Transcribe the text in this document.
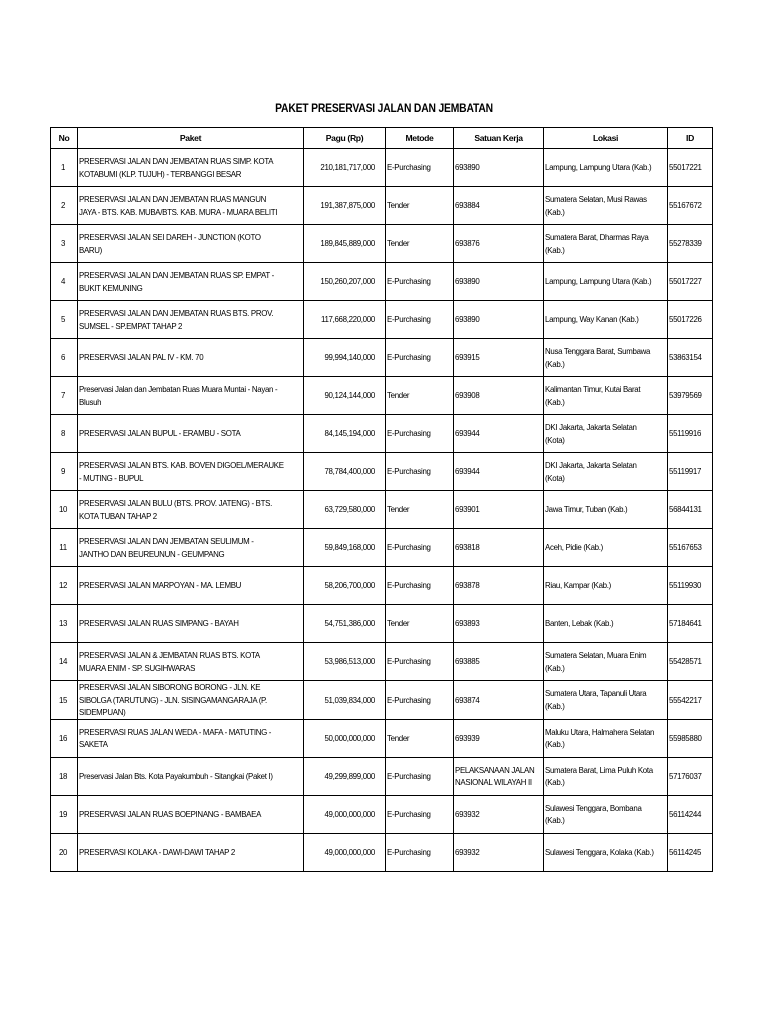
PAKET PRESERVASI JALAN DAN JEMBATAN
No	Paket	Pagu (Rp)	Metode	Satuan Kerja	Lokasi	ID

1	PRESERVASI JALAN DAN JEMBATAN RUAS SIMP. KOTA KOTABUMI (KLP. TUJUH) - TERBANGGI BESAR	210,181,717,000	E-Purchasing	693890	Lampung, Lampung Utara (Kab.)	55017221

2	PRESERVASI JALAN DAN JEMBATAN RUAS MANGUN JAYA - BTS. KAB. MUBA/BTS. KAB. MURA - MUARA BELITI	191,387,875,000	Tender	693884	Sumatera Selatan, Musi Rawas (Kab.)	55167672

3	PRESERVASI JALAN SEI DAREH - JUNCTION (KOTO BARU)	189,845,889,000	Tender	693876	Sumatera Barat, Dharmas Raya (Kab.)	55278339

4	PRESERVASI JALAN DAN JEMBATAN RUAS SP. EMPAT - BUKIT KEMUNING	150,260,207,000	E-Purchasing	693890	Lampung, Lampung Utara (Kab.)	55017227

5	PRESERVASI JALAN DAN JEMBATAN RUAS BTS. PROV. SUMSEL - SP.EMPAT TAHAP 2	117,668,220,000	E-Purchasing	693890	Lampung, Way Kanan (Kab.)	55017226

6	PRESERVASI JALAN PAL IV - KM. 70	99,994,140,000	E-Purchasing	693915	Nusa Tenggara Barat, Sumbawa (Kab.)	53863154

7	Preservasi Jalan dan Jembatan Ruas Muara Muntai - Nayan - Blusuh	90,124,144,000	Tender	693908	Kalimantan Timur, Kutai Barat (Kab.)	53979569

8	PRESERVASI JALAN BUPUL - ERAMBU - SOTA	84,145,194,000	E-Purchasing	693944	DKI Jakarta, Jakarta Selatan (Kota)	55119916

9	PRESERVASI JALAN BTS. KAB. BOVEN DIGOEL/MERAUKE - MUTING - BUPUL	78,784,400,000	E-Purchasing	693944	DKI Jakarta, Jakarta Selatan (Kota)	55119917

10	PRESERVASI JALAN BULU (BTS. PROV. JATENG) - BTS. KOTA TUBAN TAHAP 2	63,729,580,000	Tender	693901	Jawa Timur, Tuban (Kab.)	56844131

11	PRESERVASI JALAN DAN JEMBATAN SEULIMUM - JANTHO DAN BEUREUNUN - GEUMPANG	59,849,168,000	E-Purchasing	693818	Aceh, Pidie (Kab.)	55167653

12	PRESERVASI JALAN MARPOYAN - MA. LEMBU	58,206,700,000	E-Purchasing	693878	Riau, Kampar (Kab.)	55119930

13	PRESERVASI JALAN RUAS SIMPANG - BAYAH	54,751,386,000	Tender	693893	Banten, Lebak (Kab.)	57184641

14	PRESERVASI JALAN & JEMBATAN RUAS BTS. KOTA MUARA ENIM - SP. SUGIHWARAS	53,986,513,000	E-Purchasing	693885	Sumatera Selatan, Muara Enim (Kab.)	55428571

15	PRESERVASI JALAN SIBORONG BORONG - JLN. KE SIBOLGA (TARUTUNG) - JLN. SISINGAMANGARAJA (P. SIDEMPUAN)	51,039,834,000	E-Purchasing	693874	Sumatera Utara, Tapanuli Utara (Kab.)	55542217

16	PRESERVASI RUAS JALAN WEDA - MAFA - MATUTING - SAKETA	50,000,000,000	Tender	693939	Maluku Utara, Halmahera Selatan (Kab.)	55985880

18	Preservasi Jalan Bts. Kota Payakumbuh - Sitangkai (Paket I)	49,299,899,000	E-Purchasing	PELAKSANAAN JALAN NASIONAL WILAYAH II	Sumatera Barat, Lima Puluh Kota (Kab.)	57176037

19	PRESERVASI JALAN RUAS BOEPINANG - BAMBAEA	49,000,000,000	E-Purchasing	693932	Sulawesi Tenggara, Bombana (Kab.)	56114244

20	PRESERVASI KOLAKA - DAWI-DAWI TAHAP 2	49,000,000,000	E-Purchasing	693932	Sulawesi Tenggara, Kolaka (Kab.)	56114245
